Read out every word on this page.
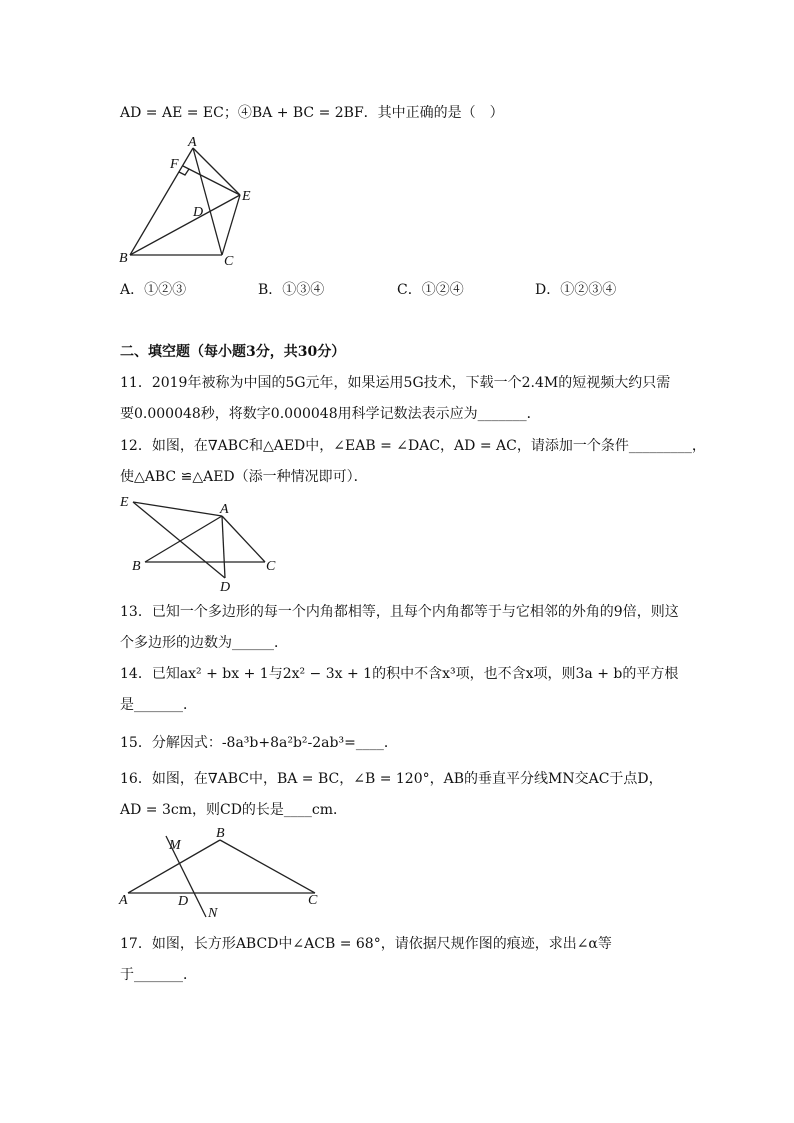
AD = AE = EC；④BA + BC = 2BF．其中正确的是（　）
A
F
E
D
B	C
A．①②③	B．①③④	C．①②④	D．①②③④
二、填空题（每小题3分，共30分）
11．2019年被称为中国的5G元年，如果运用5G技术，下载一个2.4M的短视频大约只需
要0.000048秒，将数字0.000048用科学记数法表示应为_______．
12．如图，在∇ABC和△AED中，∠EAB = ∠DAC，AD = AC，请添加一个条件_________，
使△ABC ≌△AED（添一种情况即可）．
E	A
B	C
D
13．已知一个多边形的每一个内角都相等，且每个内角都等于与它相邻的外角的9倍，则这
个多边形的边数为______．
14．已知ax² + bx + 1与2x² − 3x + 1的积中不含x³项，也不含x项，则3a + b的平方根
是_______．
15．分解因式：-8a³b+8a²b²-2ab³=____．
16．如图，在∇ABC中，BA = BC，∠B = 120°，AB的垂直平分线MN交AC于点D，
AD = 3cm，则CD的长是____cm．
B
M
A	D
N
C
17．如图，长方形ABCD中∠ACB = 68°，请依据尺规作图的痕迹，求出∠α等
于_______．
